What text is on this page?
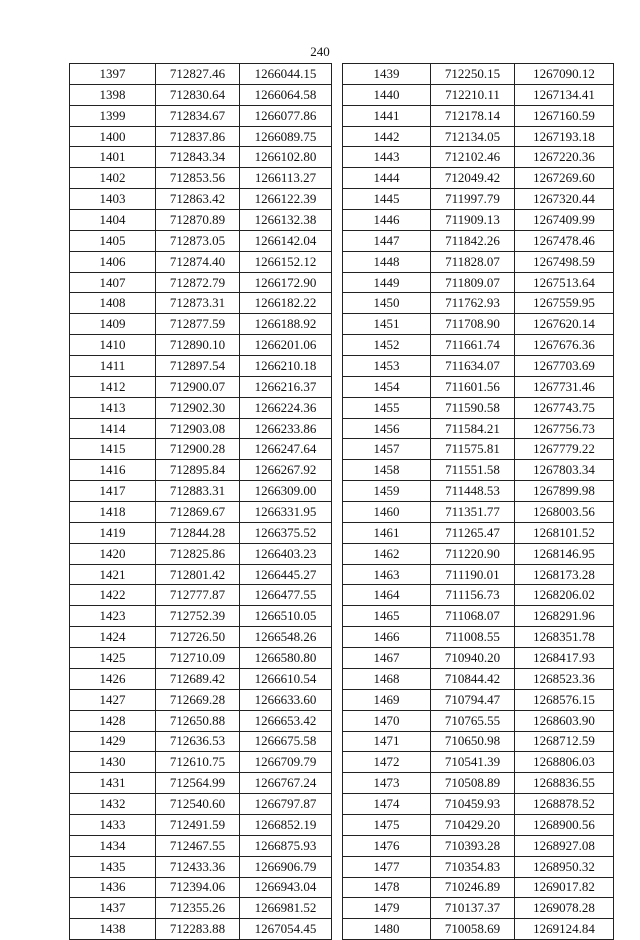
240
1397	712827.46	1266044.15
1398	712830.64	1266064.58
1399	712834.67	1266077.86
1400	712837.86	1266089.75
1401	712843.34	1266102.80
1402	712853.56	1266113.27
1403	712863.42	1266122.39
1404	712870.89	1266132.38
1405	712873.05	1266142.04
1406	712874.40	1266152.12
1407	712872.79	1266172.90
1408	712873.31	1266182.22
1409	712877.59	1266188.92
1410	712890.10	1266201.06
1411	712897.54	1266210.18
1412	712900.07	1266216.37
1413	712902.30	1266224.36
1414	712903.08	1266233.86
1415	712900.28	1266247.64
1416	712895.84	1266267.92
1417	712883.31	1266309.00
1418	712869.67	1266331.95
1419	712844.28	1266375.52
1420	712825.86	1266403.23
1421	712801.42	1266445.27
1422	712777.87	1266477.55
1423	712752.39	1266510.05
1424	712726.50	1266548.26
1425	712710.09	1266580.80
1426	712689.42	1266610.54
1427	712669.28	1266633.60
1428	712650.88	1266653.42
1429	712636.53	1266675.58
1430	712610.75	1266709.79
1431	712564.99	1266767.24
1432	712540.60	1266797.87
1433	712491.59	1266852.19
1434	712467.55	1266875.93
1435	712433.36	1266906.79
1436	712394.06	1266943.04
1437	712355.26	1266981.52
1438	712283.88	1267054.45
1439	712250.15	1267090.12
1440	712210.11	1267134.41
1441	712178.14	1267160.59
1442	712134.05	1267193.18
1443	712102.46	1267220.36
1444	712049.42	1267269.60
1445	711997.79	1267320.44
1446	711909.13	1267409.99
1447	711842.26	1267478.46
1448	711828.07	1267498.59
1449	711809.07	1267513.64
1450	711762.93	1267559.95
1451	711708.90	1267620.14
1452	711661.74	1267676.36
1453	711634.07	1267703.69
1454	711601.56	1267731.46
1455	711590.58	1267743.75
1456	711584.21	1267756.73
1457	711575.81	1267779.22
1458	711551.58	1267803.34
1459	711448.53	1267899.98
1460	711351.77	1268003.56
1461	711265.47	1268101.52
1462	711220.90	1268146.95
1463	711190.01	1268173.28
1464	711156.73	1268206.02
1465	711068.07	1268291.96
1466	711008.55	1268351.78
1467	710940.20	1268417.93
1468	710844.42	1268523.36
1469	710794.47	1268576.15
1470	710765.55	1268603.90
1471	710650.98	1268712.59
1472	710541.39	1268806.03
1473	710508.89	1268836.55
1474	710459.93	1268878.52
1475	710429.20	1268900.56
1476	710393.28	1268927.08
1477	710354.83	1268950.32
1478	710246.89	1269017.82
1479	710137.37	1269078.28
1480	710058.69	1269124.84
